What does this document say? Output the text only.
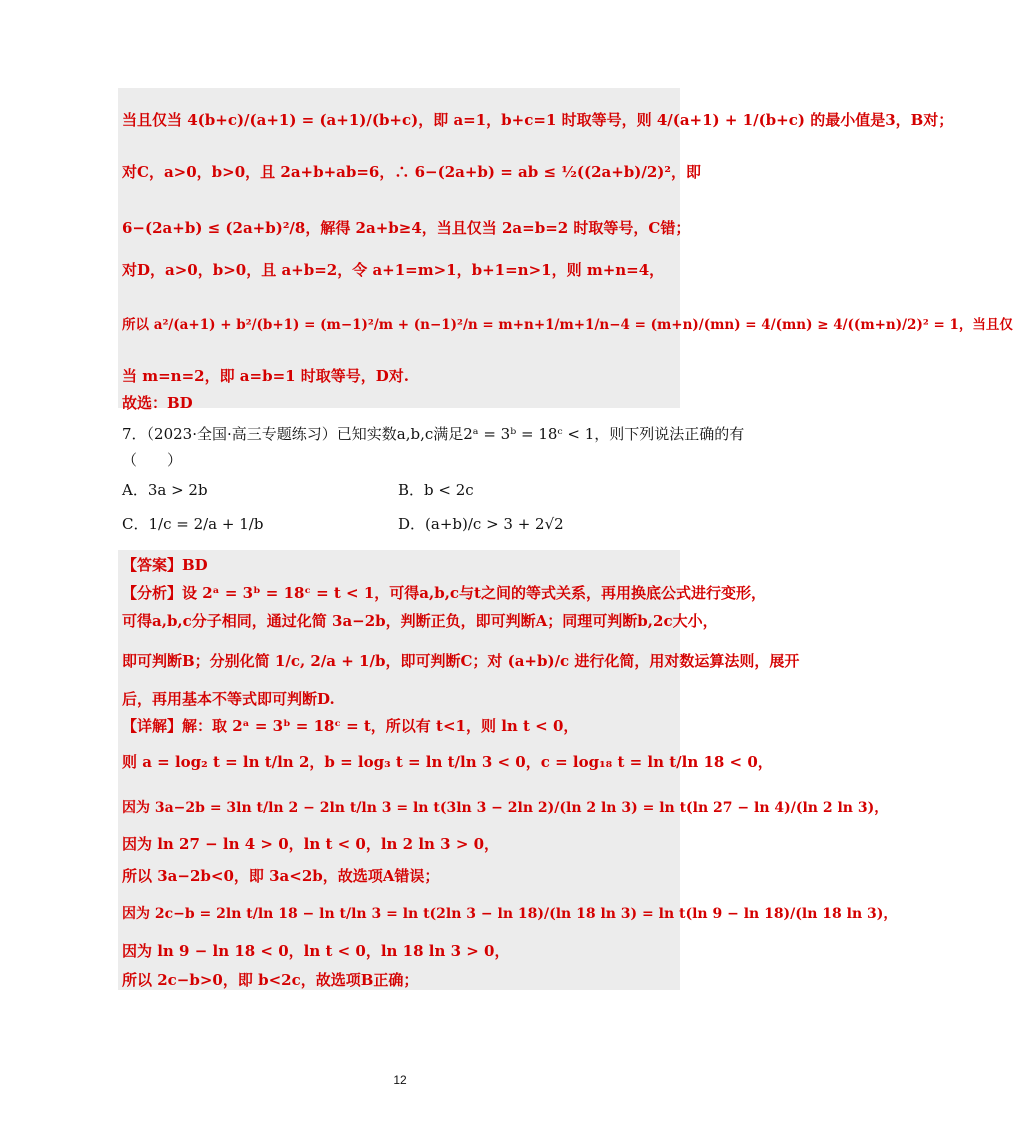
当且仅当 4(b+c)/(a+1) = (a+1)/(b+c)，即 a=1，b+c=1 时取等号，则 4/(a+1) + 1/(b+c) 的最小值是3，B对；
对C，a>0，b>0，且 2a+b+ab=6，∴ 6−(2a+b) = ab ≤ ½((2a+b)/2)²，即
6−(2a+b) ≤ (2a+b)²/8，解得 2a+b≥4，当且仅当 2a=b=2 时取等号，C错；
对D，a>0，b>0，且 a+b=2，令 a+1=m>1，b+1=n>1，则 m+n=4，
所以 a²/(a+1) + b²/(b+1) = (m−1)²/m + (n−1)²/n = m+n+1/m+1/n−4 = (m+n)/(mn) = 4/(mn) ≥ 4/((m+n)/2)² = 1，当且仅
当 m=n=2，即 a=b=1 时取等号，D对.
故选：BD
7．（2023·全国·高三专题练习）已知实数a,b,c满足2ᵃ = 3ᵇ = 18ᶜ < 1，则下列说法正确的有
（　　）
A．3a > 2b	B．b < 2c
C．1/c = 2/a + 1/b	D．(a+b)/c > 3 + 2√2
【答案】BD
【分析】设 2ᵃ = 3ᵇ = 18ᶜ = t < 1，可得a,b,c与t之间的等式关系，再用换底公式进行变形，
可得a,b,c分子相同，通过化简 3a−2b，判断正负，即可判断A；同理可判断b,2c大小，
即可判断B；分别化简 1/c, 2/a + 1/b，即可判断C；对 (a+b)/c 进行化简，用对数运算法则，展开
后，再用基本不等式即可判断D.
【详解】解：取 2ᵃ = 3ᵇ = 18ᶜ = t，所以有 t<1，则 ln t < 0，
则 a = log₂ t = ln t/ln 2，b = log₃ t = ln t/ln 3 < 0，c = log₁₈ t = ln t/ln 18 < 0，
因为 3a−2b = 3ln t/ln 2 − 2ln t/ln 3 = ln t(3ln 3 − 2ln 2)/(ln 2 ln 3) = ln t(ln 27 − ln 4)/(ln 2 ln 3)，
因为 ln 27 − ln 4 > 0，ln t < 0，ln 2 ln 3 > 0，
所以 3a−2b<0，即 3a<2b，故选项A错误；
因为 2c−b = 2ln t/ln 18 − ln t/ln 3 = ln t(2ln 3 − ln 18)/(ln 18 ln 3) = ln t(ln 9 − ln 18)/(ln 18 ln 3)，
因为 ln 9 − ln 18 < 0，ln t < 0，ln 18 ln 3 > 0，
所以 2c−b>0，即 b<2c，故选项B正确；
12
